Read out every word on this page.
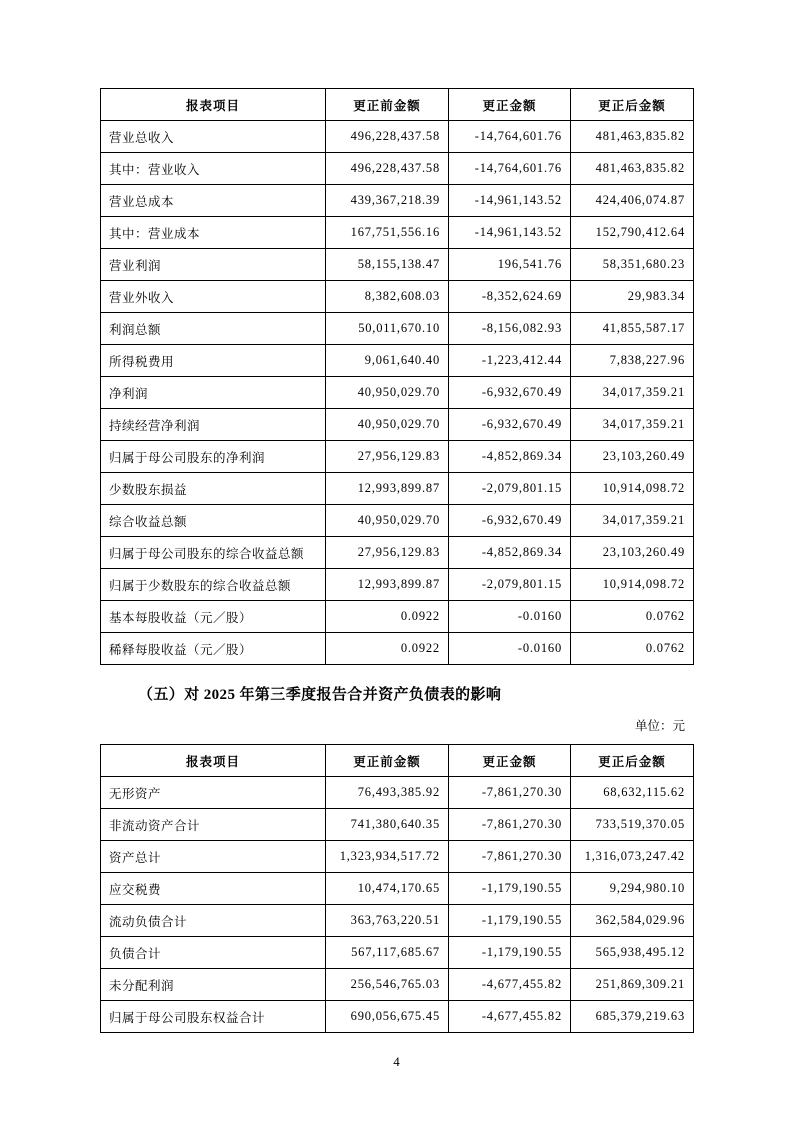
报表项目	更正前金额	更正金额	更正后金额
营业总收入	496,228,437.58	-14,764,601.76	481,463,835.82
其中：营业收入	496,228,437.58	-14,764,601.76	481,463,835.82
营业总成本	439,367,218.39	-14,961,143.52	424,406,074.87
其中：营业成本	167,751,556.16	-14,961,143.52	152,790,412.64
营业利润	58,155,138.47	196,541.76	58,351,680.23
营业外收入	8,382,608.03	-8,352,624.69	29,983.34
利润总额	50,011,670.10	-8,156,082.93	41,855,587.17
所得税费用	9,061,640.40	-1,223,412.44	7,838,227.96
净利润	40,950,029.70	-6,932,670.49	34,017,359.21
持续经营净利润	40,950,029.70	-6,932,670.49	34,017,359.21
归属于母公司股东的净利润	27,956,129.83	-4,852,869.34	23,103,260.49
少数股东损益	12,993,899.87	-2,079,801.15	10,914,098.72
综合收益总额	40,950,029.70	-6,932,670.49	34,017,359.21
归属于母公司股东的综合收益总额	27,956,129.83	-4,852,869.34	23,103,260.49
归属于少数股东的综合收益总额	12,993,899.87	-2,079,801.15	10,914,098.72
基本每股收益（元／股）	0.0922	-0.0160	0.0762
稀释每股收益（元／股）	0.0922	-0.0160	0.0762
（五）对 2025 年第三季度报告合并资产负债表的影响
单位：元
报表项目	更正前金额	更正金额	更正后金额
无形资产	76,493,385.92	-7,861,270.30	68,632,115.62
非流动资产合计	741,380,640.35	-7,861,270.30	733,519,370.05
资产总计	1,323,934,517.72	-7,861,270.30	1,316,073,247.42
应交税费	10,474,170.65	-1,179,190.55	9,294,980.10
流动负债合计	363,763,220.51	-1,179,190.55	362,584,029.96
负债合计	567,117,685.67	-1,179,190.55	565,938,495.12
未分配利润	256,546,765.03	-4,677,455.82	251,869,309.21
归属于母公司股东权益合计	690,056,675.45	-4,677,455.82	685,379,219.63
4
